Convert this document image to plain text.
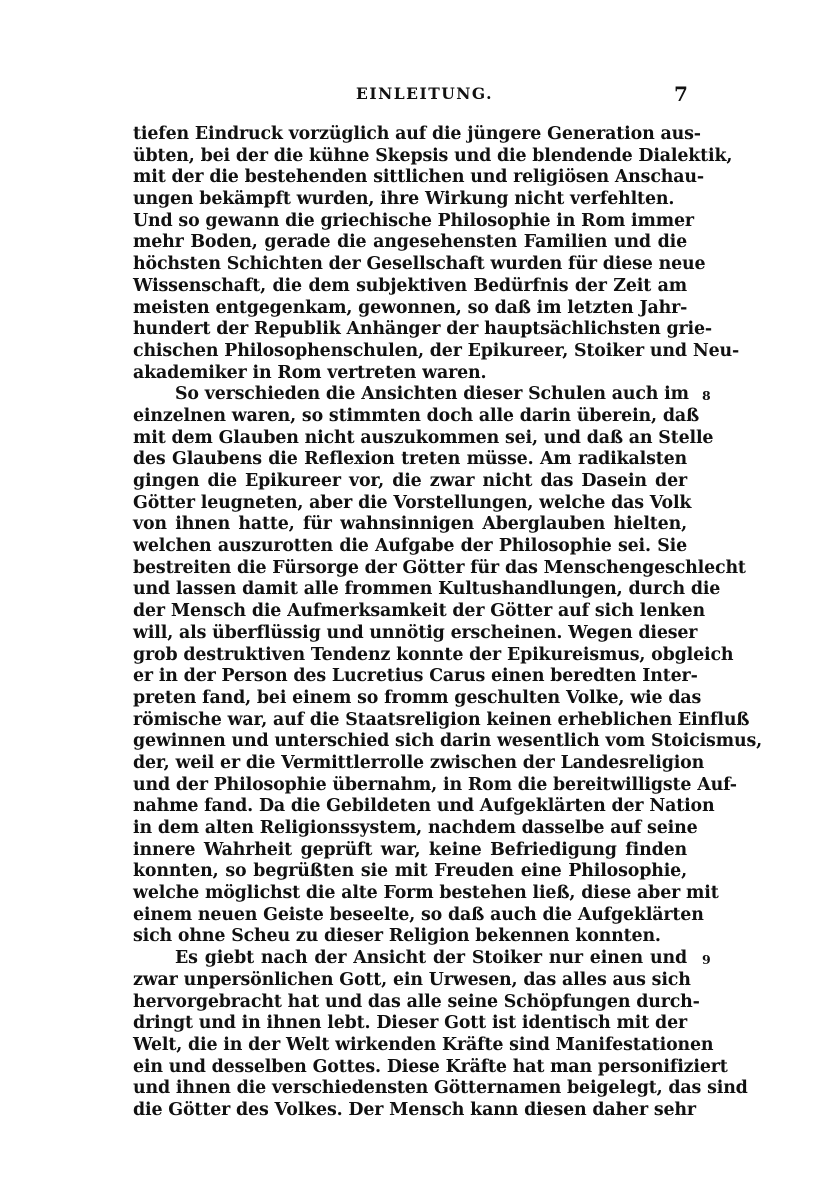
EINLEITUNG.	7
tiefen Eindruck vorzüglich auf die jüngere Generation aus-
übten, bei der die kühne Skepsis und die blendende Dialektik,
mit der die bestehenden sittlichen und religiösen Anschau-
ungen bekämpft wurden, ihre Wirkung nicht verfehlten.
Und so gewann die griechische Philosophie in Rom immer
mehr Boden, gerade die angesehensten Familien und die
höchsten Schichten der Gesellschaft wurden für diese neue
Wissenschaft, die dem subjektiven Bedürfnis der Zeit am
meisten entgegenkam, gewonnen, so daß im letzten Jahr-
hundert der Republik Anhänger der hauptsächlichsten grie-
chischen Philosophenschulen, der Epikureer, Stoiker und Neu-
akademiker in Rom vertreten waren.
So verschieden die Ansichten dieser Schulen auch im 8
einzelnen waren, so stimmten doch alle darin überein, daß
mit dem Glauben nicht auszukommen sei, und daß an Stelle
des Glaubens die Reflexion treten müsse. Am radikalsten
gingen die Epikureer vor, die zwar nicht das Dasein der
Götter leugneten, aber die Vorstellungen, welche das Volk
von ihnen hatte, für wahnsinnigen Aberglauben hielten,
welchen auszurotten die Aufgabe der Philosophie sei. Sie
bestreiten die Fürsorge der Götter für das Menschengeschlecht
und lassen damit alle frommen Kultushandlungen, durch die
der Mensch die Aufmerksamkeit der Götter auf sich lenken
will, als überflüssig und unnötig erscheinen. Wegen dieser
grob destruktiven Tendenz konnte der Epikureismus, obgleich
er in der Person des Lucretius Carus einen beredten Inter-
preten fand, bei einem so fromm geschulten Volke, wie das
römische war, auf die Staatsreligion keinen erheblichen Einfluß
gewinnen und unterschied sich darin wesentlich vom Stoicismus,
der, weil er die Vermittlerrolle zwischen der Landesreligion
und der Philosophie übernahm, in Rom die bereitwilligste Auf-
nahme fand. Da die Gebildeten und Aufgeklärten der Nation
in dem alten Religionssystem, nachdem dasselbe auf seine
innere Wahrheit geprüft war, keine Befriedigung finden
konnten, so begrüßten sie mit Freuden eine Philosophie,
welche möglichst die alte Form bestehen ließ, diese aber mit
einem neuen Geiste beseelte, so daß auch die Aufgeklärten
sich ohne Scheu zu dieser Religion bekennen konnten.
Es giebt nach der Ansicht der Stoiker nur einen und 9
zwar unpersönlichen Gott, ein Urwesen, das alles aus sich
hervorgebracht hat und das alle seine Schöpfungen durch-
dringt und in ihnen lebt. Dieser Gott ist identisch mit der
Welt, die in der Welt wirkenden Kräfte sind Manifestationen
ein und desselben Gottes. Diese Kräfte hat man personifiziert
und ihnen die verschiedensten Götternamen beigelegt, das sind
die Götter des Volkes. Der Mensch kann diesen daher sehr
